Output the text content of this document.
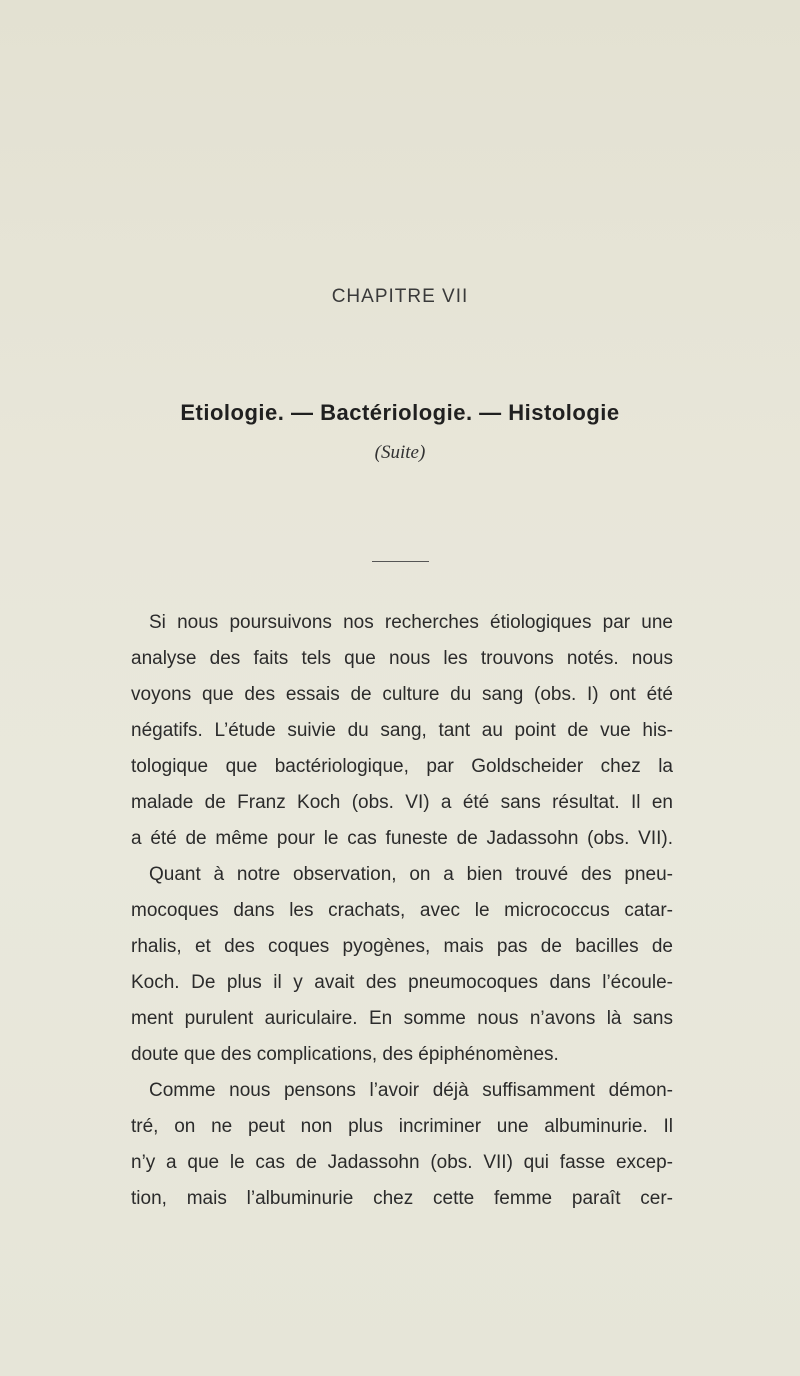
CHAPITRE VII
Etiologie. — Bactériologie. — Histologie
(Suite)
Si nous poursuivons nos recherches étiologiques par une
analyse des faits tels que nous les trouvons notés. nous
voyons que des essais de culture du sang (obs. I) ont été
négatifs. L’étude suivie du sang, tant au point de vue his-
tologique que bactériologique, par Goldscheider chez la
malade de Franz Koch (obs. VI) a été sans résultat. Il en
a été de même pour le cas funeste de Jadassohn (obs. VII).
Quant à notre observation, on a bien trouvé des pneu-
mocoques dans les crachats, avec le micrococcus catar-
rhalis, et des coques pyogènes, mais pas de bacilles de
Koch. De plus il y avait des pneumocoques dans l’écoule-
ment purulent auriculaire. En somme nous n’avons là sans
doute que des complications, des épiphénomènes.
Comme nous pensons l’avoir déjà suffisamment démon-
tré, on ne peut non plus incriminer une albuminurie. Il
n’y a que le cas de Jadassohn (obs. VII) qui fasse excep-
tion, mais l’albuminurie chez cette femme paraît cer-
